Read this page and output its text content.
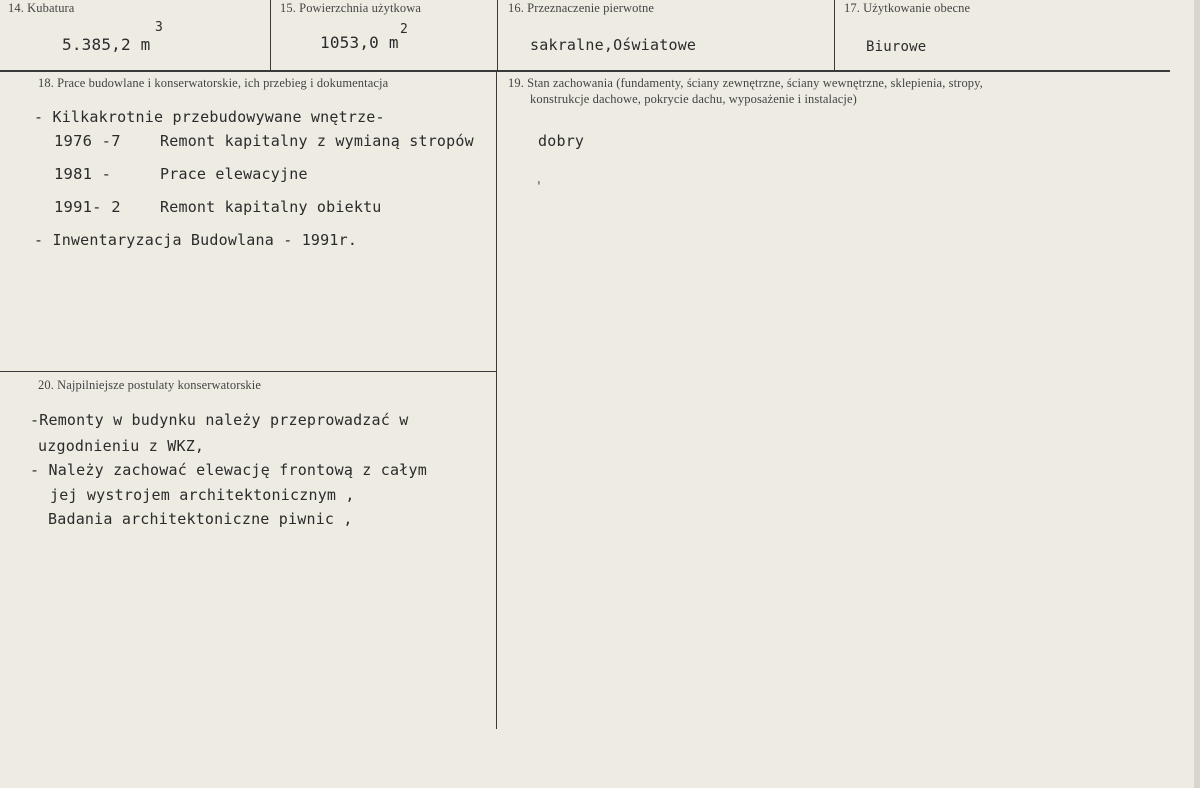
14. Kubatura
5.385,2 m
3
15. Powierzchnia użytkowa
1053,0 m
2
16. Przeznaczenie pierwotne
sakralne,Oświatowe
17. Użytkowanie obecne
Biurowe
18. Prace budowlane i konserwatorskie, ich przebieg i dokumentacja
- Kilkakrotnie przebudowywane wnętrze-
1976 -7	Remont kapitalny z wymianą stropów
1981 -	Prace elewacyjne
1991- 2	Remont kapitalny obiektu
- Inwentaryzacja Budowlana - 1991r.
19. Stan zachowania (fundamenty, ściany zewnętrzne, ściany wewnętrzne, sklepienia, stropy,
konstrukcje dachowe, pokrycie dachu, wyposażenie i instalacje)
dobry
'
20. Najpilniejsze postulaty konserwatorskie
-Remonty w budynku należy przeprowadzać w
uzgodnieniu z WKZ,
- Należy zachować elewację frontową z całym
jej wystrojem architektonicznym ,
Badania architektoniczne piwnic ,
